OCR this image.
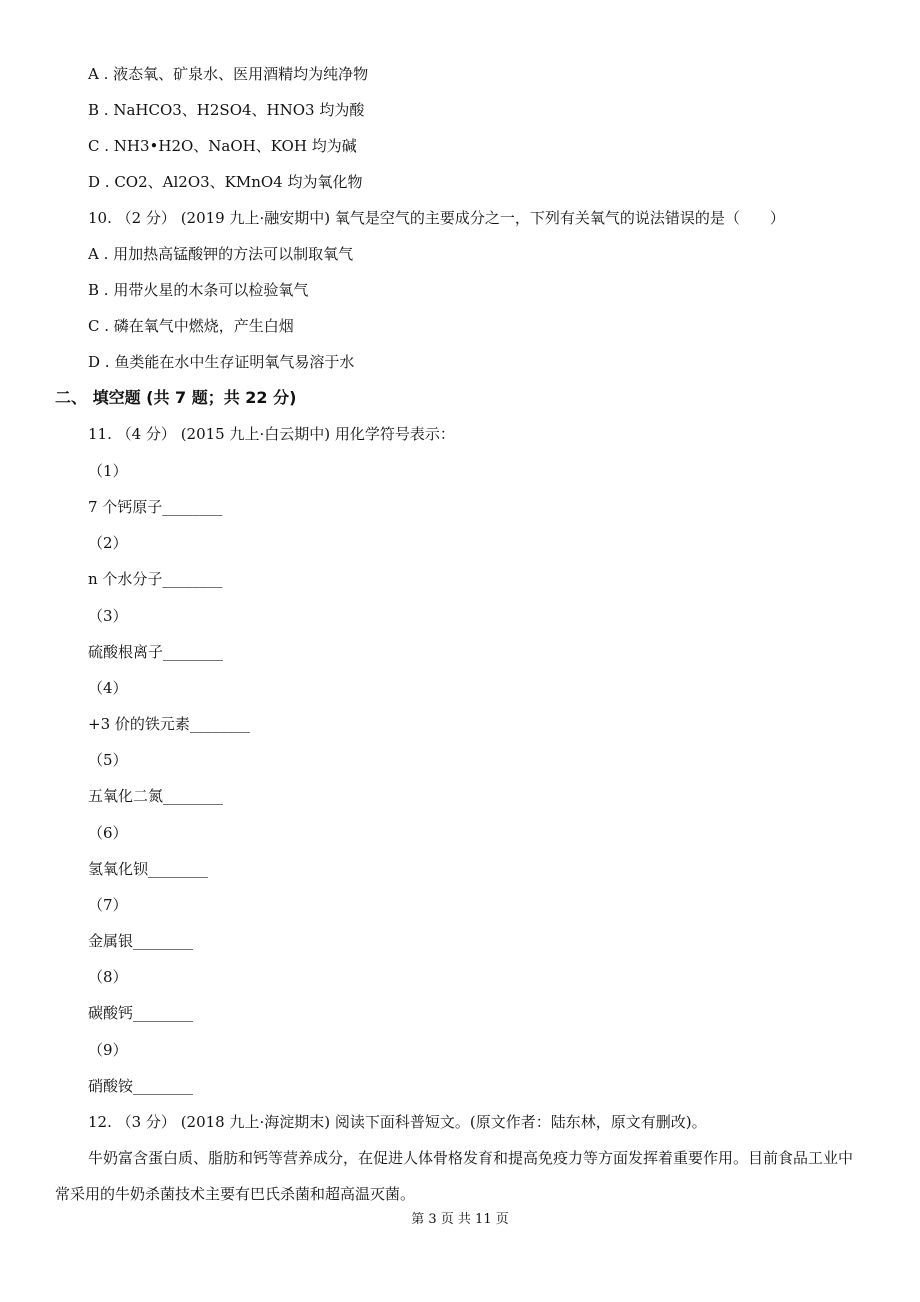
A . 液态氧、矿泉水、医用酒精均为纯净物
B . NaHCO3、H2SO4、HNO3 均为酸
C . NH3•H2O、NaOH、KOH 均为碱
D . CO2、Al2O3、KMnO4 均为氧化物
10. （2 分） (2019 九上·融安期中) 氧气是空气的主要成分之一，下列有关氧气的说法错误的是（　　）
A . 用加热高锰酸钾的方法可以制取氧气
B . 用带火星的木条可以检验氧气
C . 磷在氧气中燃烧，产生白烟
D . 鱼类能在水中生存证明氧气易溶于水
二、 填空题 (共 7 题；共 22 分)
11. （4 分） (2015 九上·白云期中) 用化学符号表示：
（1）
7 个钙原子________
（2）
n 个水分子________
（3）
硫酸根离子________
（4）
+3 价的铁元素________
（5）
五氧化二氮________
（6）
氢氧化钡________
（7）
金属银________
（8）
碳酸钙________
（9）
硝酸铵________
12. （3 分） (2018 九上·海淀期末) 阅读下面科普短文。(原文作者：陆东林，原文有删改)。
牛奶富含蛋白质、脂肪和钙等营养成分，在促进人体骨格发育和提高免疫力等方面发挥着重要作用。目前食品工业中常采用的牛奶杀菌技术主要有巴氏杀菌和超高温灭菌。
第 3 页 共 11 页
